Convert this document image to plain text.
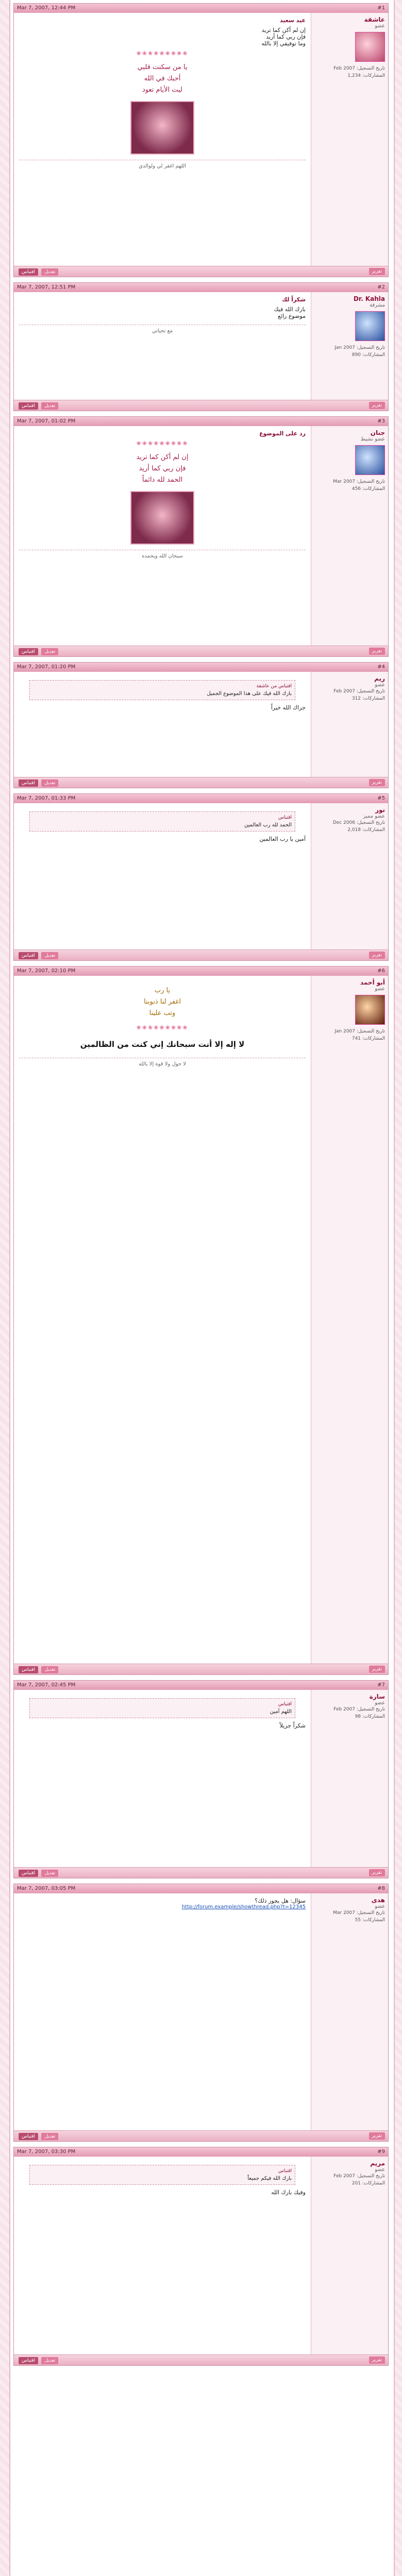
Mar 7, 2007, 12:44 PM	#1
عاشقة
عضو
تاريخ التسجيل: Feb 2007
المشاركات: 1,234
عيد سعيد
إن لم أكن كما تريد
فإن ربي كما أريد
وما توفيقي إلا بالله
❀❀❀❀❀❀❀❀❀
يا من سكنت قلبي
أحبك في الله
ليت الأيام تعود
اللهم اغفر لي ولوالدي
اقتباس تعديل	تقرير
Mar 7, 2007, 12:51 PM	#2
Dr. Kahla
مشرفة
تاريخ التسجيل: Jan 2007
المشاركات: 890
شكراً لك
بارك الله فيك
موضوع رائع
مع تحياتي
اقتباس تعديل	تقرير
Mar 7, 2007, 01:02 PM	#3
جنان
عضو نشيط
تاريخ التسجيل: Mar 2007
المشاركات: 456
رد على الموضوع
❀❀❀❀❀❀❀❀❀
إن لم أكن كما تريد
فإن ربي كما أريد
الحمد لله دائماً
سبحان الله وبحمده
اقتباس تعديل	تقرير
Mar 7, 2007, 01:20 PM	#4
ريم
عضو
تاريخ التسجيل: Feb 2007
المشاركات: 312
اقتباس من عاشقة
بارك الله فيك على هذا الموضوع الجميل
جزاك الله خيراً
اقتباس تعديل	تقرير
Mar 7, 2007, 01:33 PM	#5
نور
عضو مميز
تاريخ التسجيل: Dec 2006
المشاركات: 2,018
اقتباس
الحمد لله رب العالمين
آمين يا رب العالمين
اقتباس تعديل	تقرير
Mar 7, 2007, 02:10 PM	#6
أبو أحمد
عضو
تاريخ التسجيل: Jan 2007
المشاركات: 741
يا رب
اغفر لنا ذنوبنا
وتب علينا
❀❀❀❀❀❀❀❀❀
لا إله إلا أنت سبحانك إني كنت من الظالمين
لا حول ولا قوة إلا بالله
اقتباس تعديل	تقرير
Mar 7, 2007, 02:45 PM	#7
سارة
عضو
تاريخ التسجيل: Feb 2007
المشاركات: 98
اقتباس
اللهم آمين
شكراً جزيلاً
اقتباس تعديل	تقرير
Mar 7, 2007, 03:05 PM	#8
هدى
عضو
تاريخ التسجيل: Mar 2007
المشاركات: 55
سؤال: هل يجوز ذلك؟
http://forum.example/showthread.php?t=12345
اقتباس تعديل	تقرير
Mar 7, 2007, 03:30 PM	#9
مريم
عضو
تاريخ التسجيل: Feb 2007
المشاركات: 201
اقتباس
بارك الله فيكم جميعاً
وفيك بارك الله
اقتباس تعديل	تقرير
